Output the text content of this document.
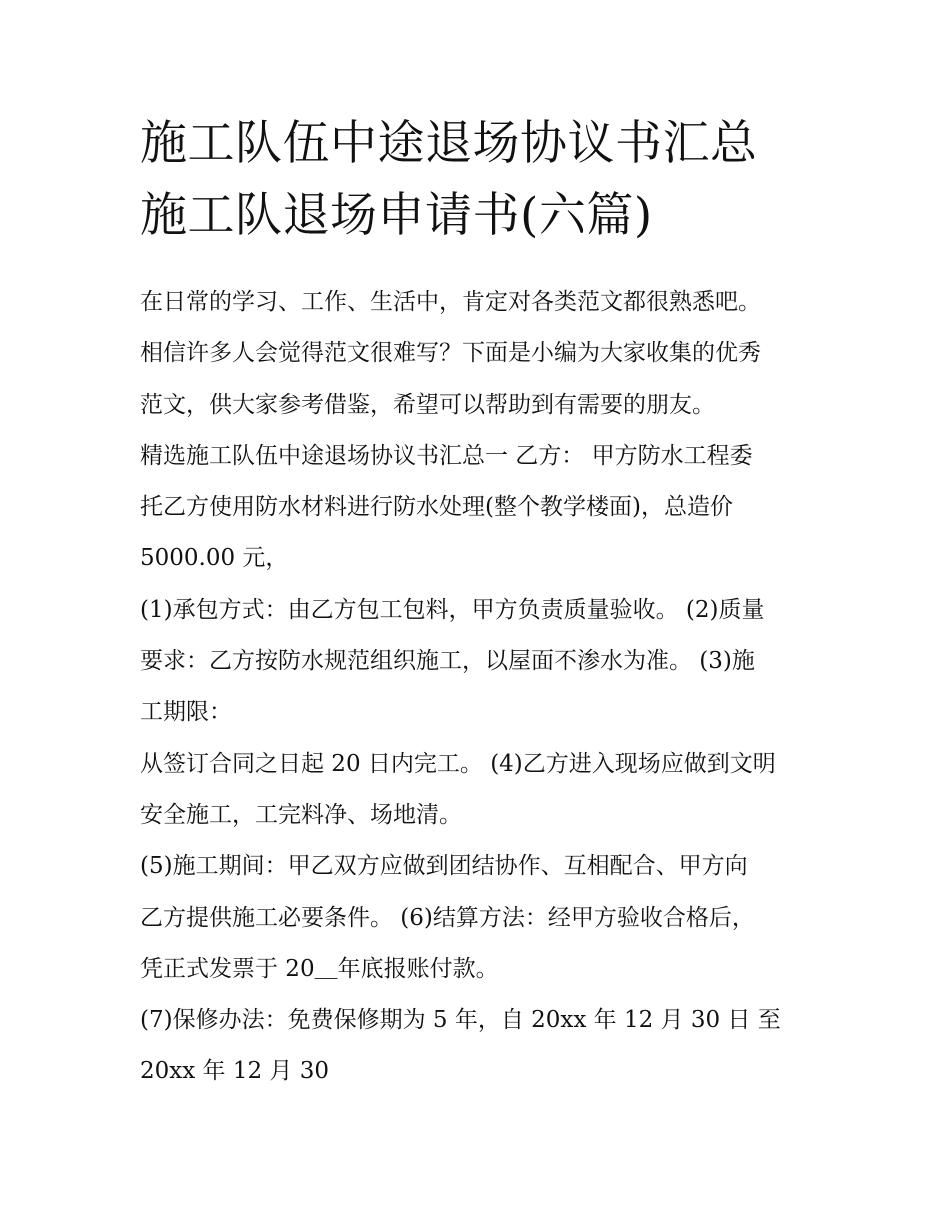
施工队伍中途退场协议书汇总
施工队退场申请书(六篇)
在日常的学习、工作、生活中，肯定对各类范文都很熟悉吧。
相信许多人会觉得范文很难写？下面是小编为大家收集的优秀
范文，供大家参考借鉴，希望可以帮助到有需要的朋友。
精选施工队伍中途退场协议书汇总一 乙方： 甲方防水工程委
托乙方使用防水材料进行防水处理(整个教学楼面)，总造价
5000.00 元，
(1)承包方式：由乙方包工包料，甲方负责质量验收。 (2)质量
要求：乙方按防水规范组织施工，以屋面不渗水为准。 (3)施
工期限：
从签订合同之日起 20 日内完工。 (4)乙方进入现场应做到文明
安全施工，工完料净、场地清。
(5)施工期间：甲乙双方应做到团结协作、互相配合、甲方向
乙方提供施工必要条件。 (6)结算方法：经甲方验收合格后，
凭正式发票于 20＿年底报账付款。
(7)保修办法：免费保修期为 5 年，自 20xx 年 12 月 30 日 至
20xx 年 12 月 30
